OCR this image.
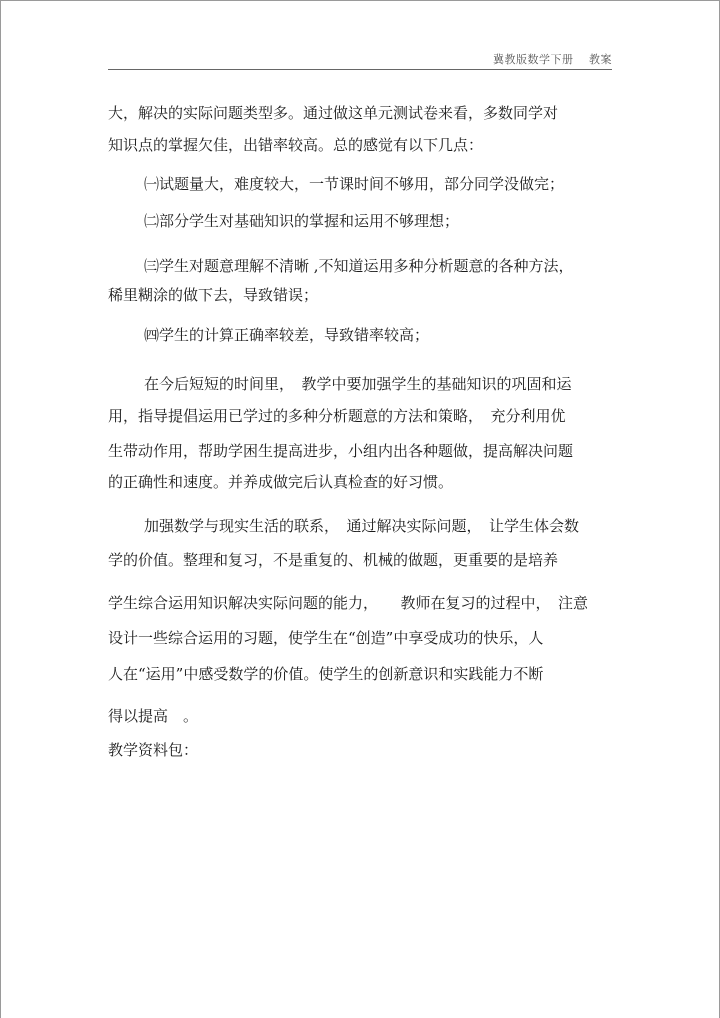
冀教版数学下册　 教案
大，解决的实际问题类型多。通过做这单元测试卷来看，多数同学对
知识点的掌握欠佳，出错率较高。总的感觉有以下几点：
㈠试题量大，难度较大，一节课时间不够用，部分同学没做完；
㈡部分学生对基础知识的掌握和运用不够理想；
㈢学生对题意理解不清晰 ,不知道运用多种分析题意的各种方法，
稀里糊涂的做下去，导致错误；
㈣学生的计算正确率较差，导致错率较高；
在今后短短的时间里，　教学中要加强学生的基础知识的巩固和运
用，指导提倡运用已学过的多种分析题意的方法和策略，　充分利用优
生带动作用，帮助学困生提高进步，小组内出各种题做，提高解决问题
的正确性和速度。并养成做完后认真检查的好习惯。
加强数学与现实生活的联系，　通过解决实际问题，　让学生体会数
学的价值。整理和复习，不是重复的、机械的做题，更重要的是培养
学生综合运用知识解决实际问题的能力，　　教师在复习的过程中，　注意
设计一些综合运用的习题，使学生在“创造”中享受成功的快乐，人
人在“运用”中感受数学的价值。使学生的创新意识和实践能力不断
得以提高　。
教学资料包：
